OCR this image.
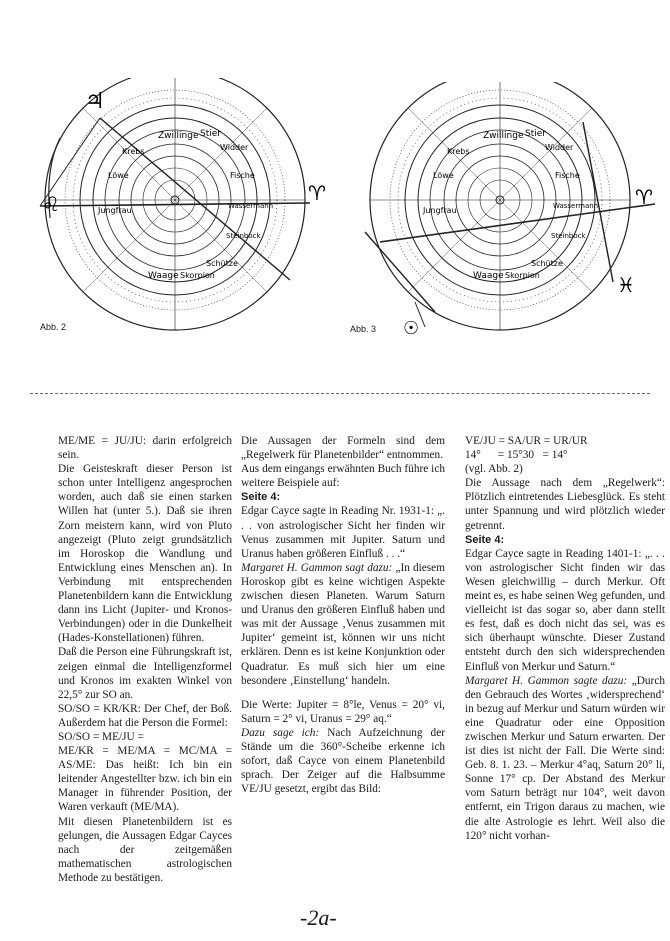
♌
♃
♈
Zwillinge Stier
Widder
Krebs
Fische
Löwe
Wassermann
Jungfrau
Steinbock
Waage Skorpion
Schütze
Abb. 2
♈
♓
☉
Zwillinge Stier
Widder
Krebs
Fische
Löwe
Wassermann
Jungfrau
Steinbock
Waage Skorpion
Schütze
Abb. 3

ME/ME = JU/JU: darin erfolgreich sein.

Die Geisteskraft dieser Person ist schon unter Intelligenz angesprochen worden, auch daß sie einen starken Willen hat (unter 5.). Daß sie ihren Zorn meistern kann, wird von Pluto angezeigt (Pluto zeigt grundsätzlich im Horoskop die Wandlung und Entwicklung eines Menschen an). In Verbindung mit entsprechenden Planetenbildern kann die Entwicklung dann ins Licht (Jupiter- und Kronos-Verbindungen) oder in die Dunkelheit (Hades-Konstellationen) führen.

Daß die Person eine Führungskraft ist, zeigen einmal die Intelligenzformel und Kronos im exakten Winkel von 22,5° zur SO an.

SO/SO = KR/KR: Der Chef, der Boß. Außerdem hat die Person die Formel:

SO/SO = ME/JU =

ME/KR = ME/MA = MC/MA = AS/ME: Das heißt: Ich bin ein leitender Angestellter bzw. ich bin ein Manager in führender Position, der Waren verkauft (ME/MA).

Mit diesen Planetenbildern ist es gelungen, die Aussagen Edgar Cayces nach der zeitgemäßen mathematischen astrologischen Methode zu bestätigen.

Die Aussagen der Formeln sind dem „Regelwerk für Planetenbilder“ entnommen.

Aus dem eingangs erwähnten Buch führe ich weitere Beispiele auf:

Seite 4:

Edgar Cayce sagte in Reading Nr. 1931-1: „. . . von astrologischer Sicht her finden wir Venus zusammen mit Jupiter. Saturn und Uranus haben größeren Einfluß . . .“

Margaret H. Gammon sagt dazu: „In diesem Horoskop gibt es keine wichtigen Aspekte zwischen diesen Planeten. Warum Saturn und Uranus den größeren Einfluß haben und was mit der Aussage ‚Venus zusammen mit Jupiter‘ gemeint ist, können wir uns nicht erklären. Denn es ist keine Konjunktion oder Quadratur. Es muß sich hier um eine besondere ‚Einstellung‘ handeln.

Die Werte: Jupiter = 8°le, Venus = 20° vi, Saturn = 2° vi, Uranus = 29° aq.“

Dazu sage ich: Nach Aufzeichnung der Stände um die 360°-Scheibe erkenne ich sofort, daß Cayce von einem Planetenbild sprach. Der Zeiger auf die Halbsumme VE/JU gesetzt, ergibt das Bild:

VE/JU = SA/UR = UR/UR

14°      = 15°30   = 14°

(vgl. Abb. 2)

Die Aussage nach dem „Regelwerk“: Plötzlich eintretendes Liebesglück. Es steht unter Spannung und wird plötzlich wieder getrennt.

Seite 4:

Edgar Cayce sagte in Reading 1401-1: „. . . von astrologischer Sicht finden wir das Wesen gleichwillig – durch Merkur. Oft meint es, es habe seinen Weg gefunden, und vielleicht ist das sogar so, aber dann stellt es fest, daß es doch nicht das sei, was es sich überhaupt wünschte. Dieser Zustand entsteht durch den sich widersprechenden Einfluß von Merkur und Saturn.“

Margaret H. Gammon sagte dazu: „Durch den Gebrauch des Wortes ‚widersprechend‘ in bezug auf Merkur und Saturn würden wir eine Quadratur oder eine Opposition zwischen Merkur und Saturn erwarten. Der ist dies ist nicht der Fall. Die Werte sind: Geb. 8. 1. 23. – Merkur 4°aq, Saturn 20° li, Sonne 17° cp. Der Abstand des Merkur vom Saturn beträgt nur 104°, weit davon entfernt, ein Trigon daraus zu machen, wie die alte Astrologie es lehrt. Weil also die 120° nicht vorhan-

-2a-
